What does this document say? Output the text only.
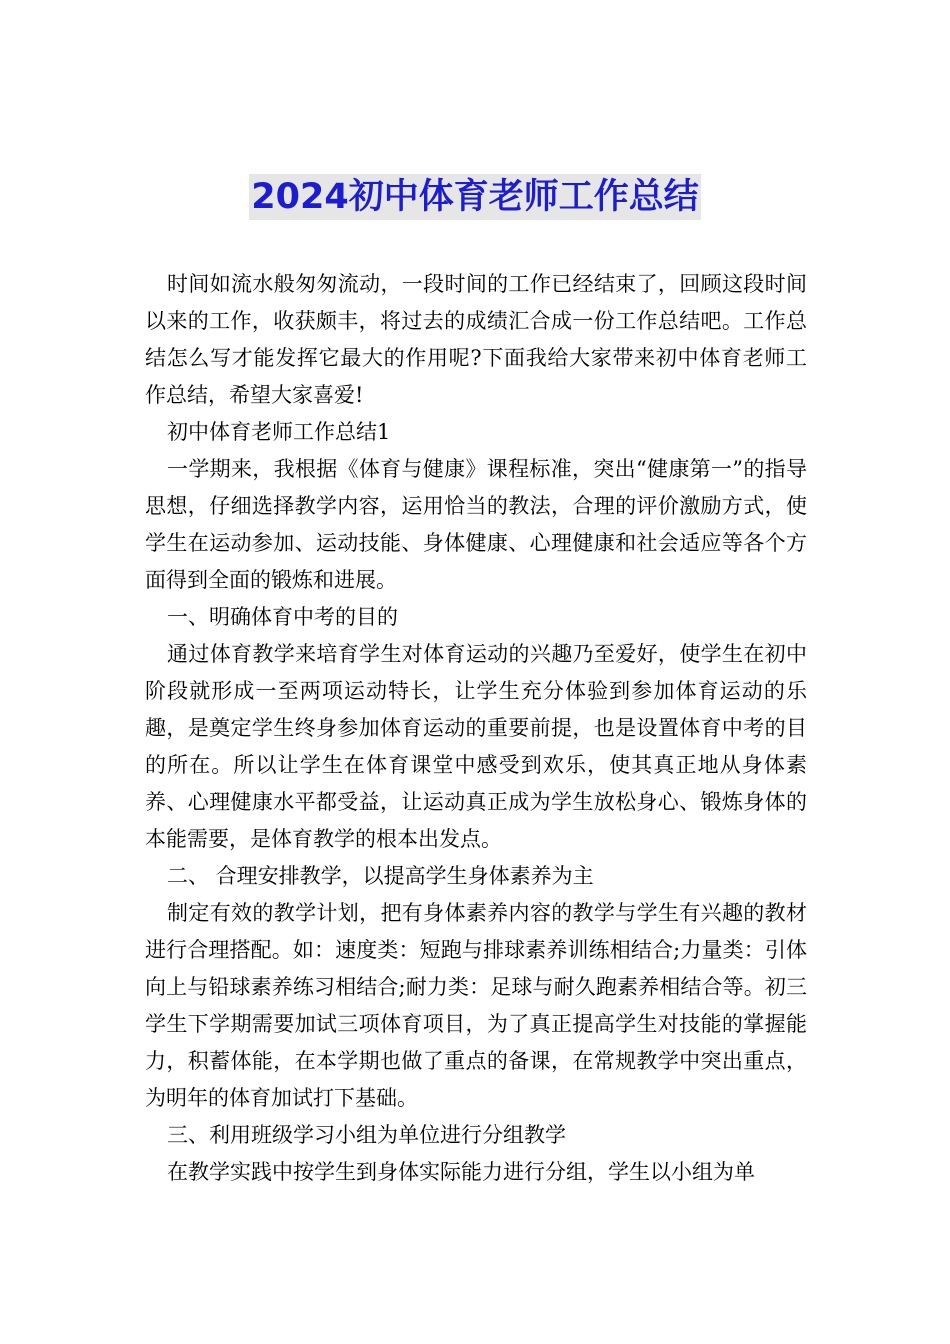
2024初中体育老师工作总结

时间如流水般匆匆流动，一段时间的工作已经结束了，回顾这段时间以来的工作，收获颇丰，将过去的成绩汇合成一份工作总结吧。工作总结怎么写才能发挥它最大的作用呢?下面我给大家带来初中体育老师工作总结，希望大家喜爱!

初中体育老师工作总结1

一学期来，我根据《体育与健康》课程标准，突出“健康第一”的指导思想，仔细选择教学内容，运用恰当的教法，合理的评价激励方式，使学生在运动参加、运动技能、身体健康、心理健康和社会适应等各个方面得到全面的锻炼和进展。

一、明确体育中考的目的

通过体育教学来培育学生对体育运动的兴趣乃至爱好，使学生在初中阶段就形成一至两项运动特长，让学生充分体验到参加体育运动的乐趣，是奠定学生终身参加体育运动的重要前提，也是设置体育中考的目的所在。所以让学生在体育课堂中感受到欢乐，使其真正地从身体素养、心理健康水平都受益，让运动真正成为学生放松身心、锻炼身体的本能需要，是体育教学的根本出发点。

二、 合理安排教学，以提高学生身体素养为主

制定有效的教学计划，把有身体素养内容的教学与学生有兴趣的教材进行合理搭配。如：速度类：短跑与排球素养训练相结合;力量类：引体向上与铅球素养练习相结合;耐力类：足球与耐久跑素养相结合等。初三学生下学期需要加试三项体育项目，为了真正提高学生对技能的掌握能力，积蓄体能，在本学期也做了重点的备课，在常规教学中突出重点，为明年的体育加试打下基础。

三、利用班级学习小组为单位进行分组教学

在教学实践中按学生到身体实际能力进行分组，学生以小组为单
